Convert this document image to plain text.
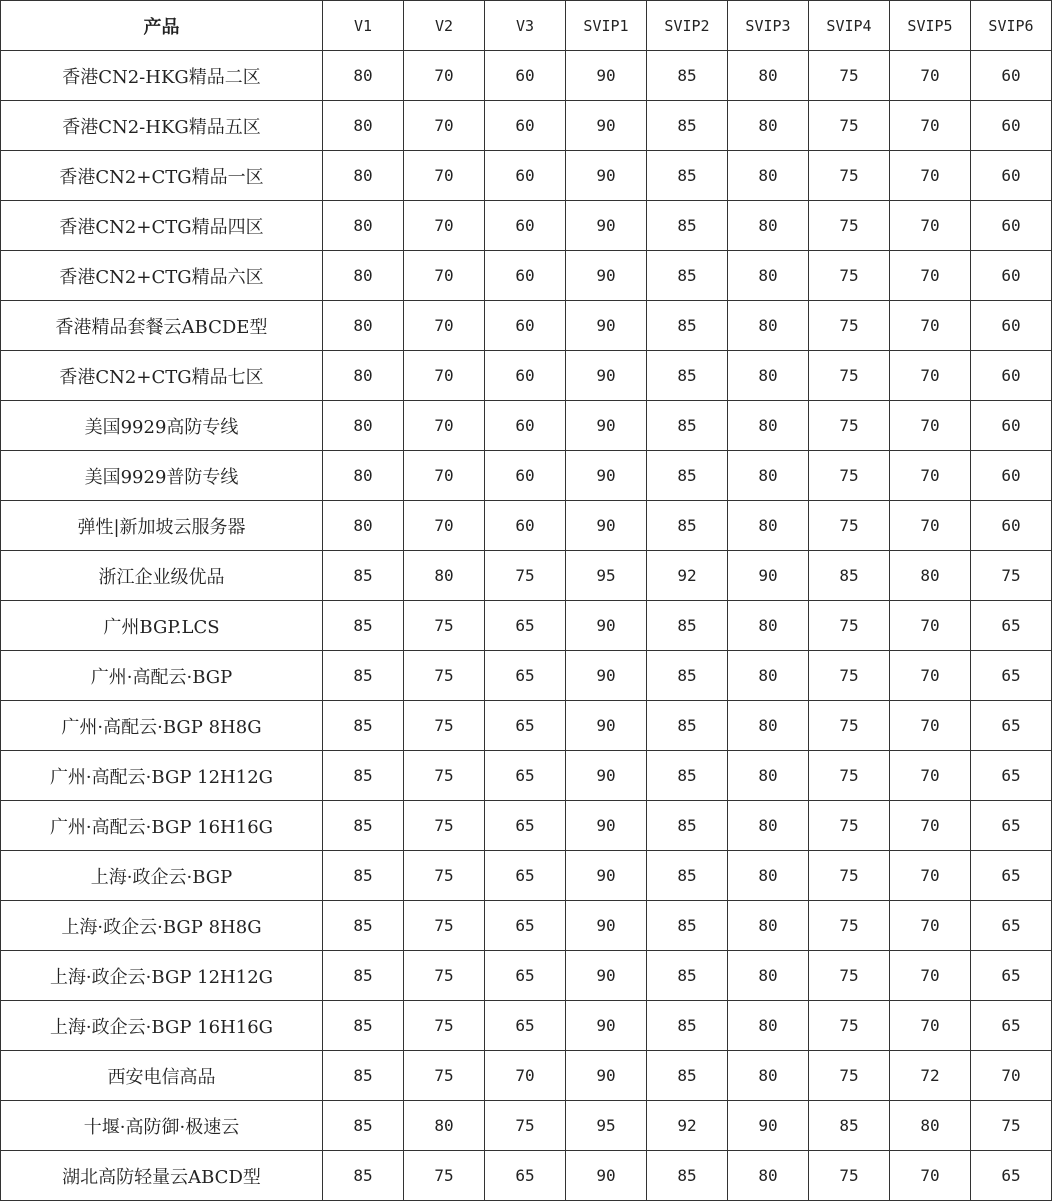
产品	V1	V2	V3	SVIP1	SVIP2	SVIP3	SVIP4	SVIP5	SVIP6
香港CN2-HKG精品二区	80	70	60	90	85	80	75	70	60
香港CN2-HKG精品五区	80	70	60	90	85	80	75	70	60
香港CN2+CTG精品一区	80	70	60	90	85	80	75	70	60
香港CN2+CTG精品四区	80	70	60	90	85	80	75	70	60
香港CN2+CTG精品六区	80	70	60	90	85	80	75	70	60
香港精品套餐云ABCDE型	80	70	60	90	85	80	75	70	60
香港CN2+CTG精品七区	80	70	60	90	85	80	75	70	60
美国9929高防专线	80	70	60	90	85	80	75	70	60
美国9929普防专线	80	70	60	90	85	80	75	70	60
弹性|新加坡云服务器	80	70	60	90	85	80	75	70	60
浙江企业级优品	85	80	75	95	92	90	85	80	75
广州BGP.LCS	85	75	65	90	85	80	75	70	65
广州·高配云·BGP	85	75	65	90	85	80	75	70	65
广州·高配云·BGP 8H8G	85	75	65	90	85	80	75	70	65
广州·高配云·BGP 12H12G	85	75	65	90	85	80	75	70	65
广州·高配云·BGP 16H16G	85	75	65	90	85	80	75	70	65
上海·政企云·BGP	85	75	65	90	85	80	75	70	65
上海·政企云·BGP 8H8G	85	75	65	90	85	80	75	70	65
上海·政企云·BGP 12H12G	85	75	65	90	85	80	75	70	65
上海·政企云·BGP 16H16G	85	75	65	90	85	80	75	70	65
西安电信高品	85	75	70	90	85	80	75	72	70
十堰·高防御·极速云	85	80	75	95	92	90	85	80	75
湖北高防轻量云ABCD型	85	75	65	90	85	80	75	70	65
